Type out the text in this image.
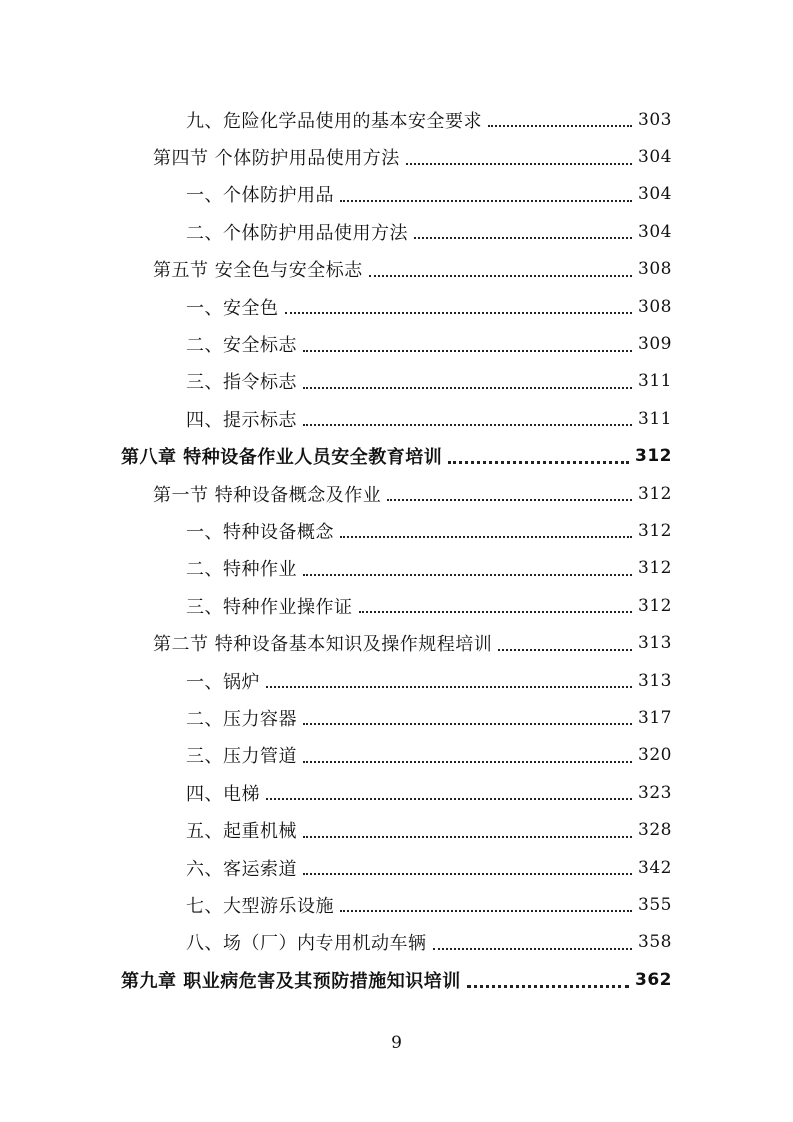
九、危险化学品使用的基本安全要求	303
第四节 个体防护用品使用方法	304
一、个体防护用品	304
二、个体防护用品使用方法	304
第五节 安全色与安全标志	308
一、安全色	308
二、安全标志	309
三、指令标志	311
四、提示标志	311
第八章 特种设备作业人员安全教育培训	312
第一节 特种设备概念及作业	312
一、特种设备概念	312
二、特种作业	312
三、特种作业操作证	312
第二节 特种设备基本知识及操作规程培训	313
一、锅炉	313
二、压力容器	317
三、压力管道	320
四、电梯	323
五、起重机械	328
六、客运索道	342
七、大型游乐设施	355
八、场（厂）内专用机动车辆	358
第九章 职业病危害及其预防措施知识培训	362
9
